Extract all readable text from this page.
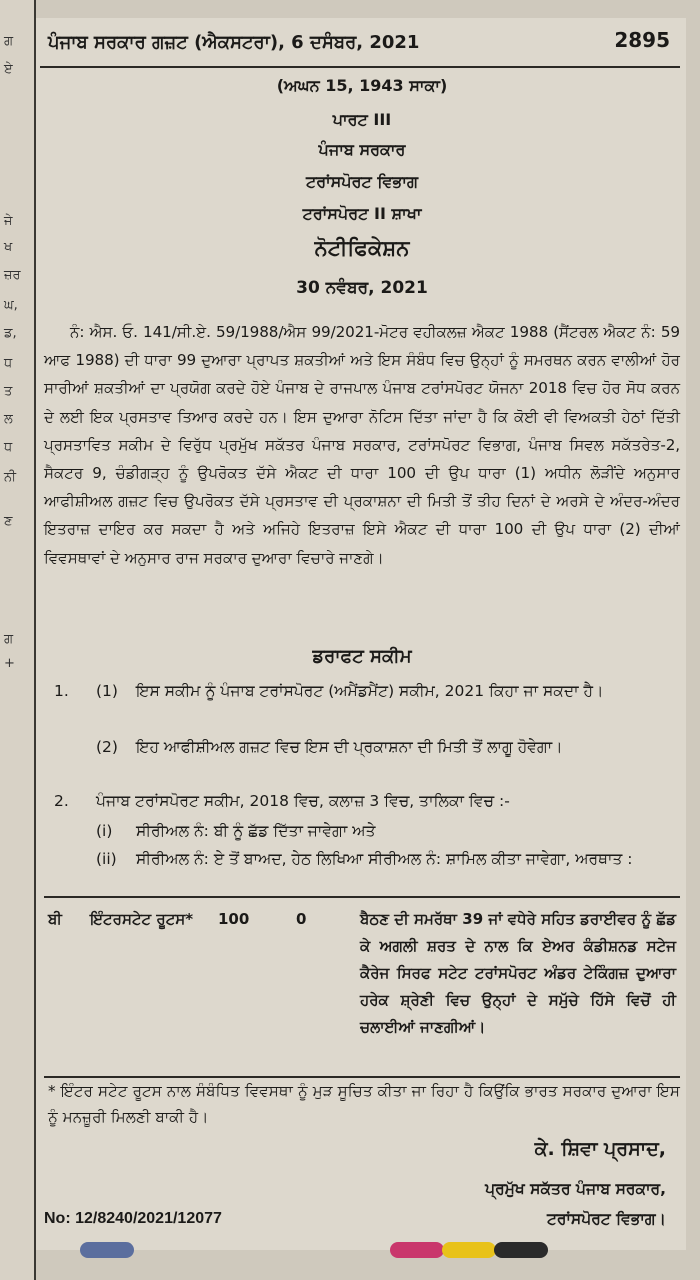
ਗ
ਏ
ਜੇ
ਖ
ਜ਼ਰ
ਘ,
ਡ,
ਧ
ਤ
ਲ
ਧ
ਨੀ
ਣ
ਗ
+
ਪੰਜਾਬ ਸਰਕਾਰ ਗਜ਼ਟ (ਐਕਸਟਰਾ), 6 ਦਸੰਬਰ, 2021	2895
(ਅਘਨ 15, 1943 ਸਾਕਾ)
ਪਾਰਟ III
ਪੰਜਾਬ ਸਰਕਾਰ
ਟਰਾਂਸਪੋਰਟ ਵਿਭਾਗ
ਟਰਾਂਸਪੋਰਟ II ਸ਼ਾਖਾ
ਨੋਟੀਫਿਕੇਸ਼ਨ
30 ਨਵੰਬਰ, 2021
ਨੰ: ਐਸ. ਓ. 141/ਸੀ.ਏ. 59/1988/ਐਸ 99/2021-ਮੋਟਰ ਵਹੀਕਲਜ਼ ਐਕਟ 1988 (ਸੈਂਟਰਲ ਐਕਟ ਨੰ: 59 ਆਫ 1988) ਦੀ ਧਾਰਾ 99 ਦੁਆਰਾ ਪ੍ਰਾਪਤ ਸ਼ਕਤੀਆਂ ਅਤੇ ਇਸ ਸੰਬੰਧ ਵਿਚ ਉਨ੍ਹਾਂ ਨੂੰ ਸਮਰਥਨ ਕਰਨ ਵਾਲੀਆਂ ਹੋਰ ਸਾਰੀਆਂ ਸ਼ਕਤੀਆਂ ਦਾ ਪ੍ਰਯੋਗ ਕਰਦੇ ਹੋਏ ਪੰਜਾਬ ਦੇ ਰਾਜਪਾਲ ਪੰਜਾਬ ਟਰਾਂਸਪੋਰਟ ਯੋਜਨਾ 2018 ਵਿਚ ਹੋਰ ਸੋਧ ਕਰਨ ਦੇ ਲਈ ਇਕ ਪ੍ਰਸਤਾਵ ਤਿਆਰ ਕਰਦੇ ਹਨ। ਇਸ ਦੁਆਰਾ ਨੋਟਿਸ ਦਿੱਤਾ ਜਾਂਦਾ ਹੈ ਕਿ ਕੋਈ ਵੀ ਵਿਅਕਤੀ ਹੇਠਾਂ ਦਿੱਤੀ ਪ੍ਰਸਤਾਵਿਤ ਸਕੀਮ ਦੇ ਵਿਰੁੱਧ ਪ੍ਰਮੁੱਖ ਸਕੱਤਰ ਪੰਜਾਬ ਸਰਕਾਰ, ਟਰਾਂਸਪੋਰਟ ਵਿਭਾਗ, ਪੰਜਾਬ ਸਿਵਲ ਸਕੱਤਰੇਤ-2, ਸੈਕਟਰ 9, ਚੰਡੀਗੜ੍ਹ ਨੂੰ ਉਪਰੋਕਤ ਦੱਸੇ ਐਕਟ ਦੀ ਧਾਰਾ 100 ਦੀ ਉਪ ਧਾਰਾ (1) ਅਧੀਨ ਲੋੜੀਂਦੇ ਅਨੁਸਾਰ ਆਫੀਸ਼ੀਅਲ ਗਜ਼ਟ ਵਿਚ ਉਪਰੋਕਤ ਦੱਸੇ ਪ੍ਰਸਤਾਵ ਦੀ ਪ੍ਰਕਾਸ਼ਨਾ ਦੀ ਮਿਤੀ ਤੋਂ ਤੀਹ ਦਿਨਾਂ ਦੇ ਅਰਸੇ ਦੇ ਅੰਦਰ-ਅੰਦਰ ਇਤਰਾਜ਼ ਦਾਇਰ ਕਰ ਸਕਦਾ ਹੈ ਅਤੇ ਅਜਿਹੇ ਇਤਰਾਜ਼ ਇਸੇ ਐਕਟ ਦੀ ਧਾਰਾ 100 ਦੀ ਉਪ ਧਾਰਾ (2) ਦੀਆਂ ਵਿਵਸਥਾਵਾਂ ਦੇ ਅਨੁਸਾਰ ਰਾਜ ਸਰਕਾਰ ਦੁਆਰਾ ਵਿਚਾਰੇ ਜਾਣਗੇ।
ਡਰਾਫਟ ਸਕੀਮ
1. (1) ਇਸ ਸਕੀਮ ਨੂੰ ਪੰਜਾਬ ਟਰਾਂਸਪੋਰਟ (ਅਮੈਂਡਮੈਂਟ) ਸਕੀਮ, 2021 ਕਿਹਾ ਜਾ ਸਕਦਾ ਹੈ।
(2) ਇਹ ਆਫੀਸ਼ੀਅਲ ਗਜ਼ਟ ਵਿਚ ਇਸ ਦੀ ਪ੍ਰਕਾਸ਼ਨਾ ਦੀ ਮਿਤੀ ਤੋਂ ਲਾਗੂ ਹੋਵੇਗਾ।
2. ਪੰਜਾਬ ਟਰਾਂਸਪੋਰਟ ਸਕੀਮ, 2018 ਵਿਚ, ਕਲਾਜ਼ 3 ਵਿਚ, ਤਾਲਿਕਾ ਵਿਚ :-
(i) ਸੀਰੀਅਲ ਨੰ: ਬੀ ਨੂੰ ਛੱਡ ਦਿੱਤਾ ਜਾਵੇਗਾ ਅਤੇ
(ii) ਸੀਰੀਅਲ ਨੰ: ਏ ਤੋਂ ਬਾਅਦ, ਹੇਠ ਲਿਖਿਆ ਸੀਰੀਅਲ ਨੰ: ਸ਼ਾਮਿਲ ਕੀਤਾ ਜਾਵੇਗਾ, ਅਰਥਾਤ :
ਬੀ ਇੰਟਰਸਟੇਟ ਰੂਟਸ*	100	0	ਬੈਠਣ ਦੀ ਸਮਰੱਥਾ 39 ਜਾਂ ਵਧੇਰੇ ਸਹਿਤ ਡਰਾਈਵਰ ਨੂੰ ਛੱਡ ਕੇ ਅਗਲੀ ਸ਼ਰਤ ਦੇ ਨਾਲ ਕਿ ਏਅਰ ਕੰਡੀਸ਼ਨਡ ਸਟੇਜ ਕੈਰੇਜ ਸਿਰਫ ਸਟੇਟ ਟਰਾਂਸਪੋਰਟ ਅੰਡਰ ਟੇਕਿੰਗਜ਼ ਦੁਆਰਾ ਹਰੇਕ ਸ਼੍ਰੇਣੀ ਵਿਚ ਉਨ੍ਹਾਂ ਦੇ ਸਮੁੱਚੇ ਹਿੱਸੇ ਵਿਚੋਂ ਹੀ ਚਲਾਈਆਂ ਜਾਣਗੀਆਂ।
* ਇੰਟਰ ਸਟੇਟ ਰੂਟਸ ਨਾਲ ਸੰਬੰਧਿਤ ਵਿਵਸਥਾ ਨੂੰ ਮੁੜ ਸੂਚਿਤ ਕੀਤਾ ਜਾ ਰਿਹਾ ਹੈ ਕਿਉਂਕਿ ਭਾਰਤ ਸਰਕਾਰ ਦੁਆਰਾ ਇਸ ਨੂੰ ਮਨਜ਼ੂਰੀ ਮਿਲਣੀ ਬਾਕੀ ਹੈ।
ਕੇ. ਸ਼ਿਵਾ ਪ੍ਰਸਾਦ,
ਪ੍ਰਮੁੱਖ ਸਕੱਤਰ ਪੰਜਾਬ ਸਰਕਾਰ,
ਟਰਾਂਸਪੋਰਟ ਵਿਭਾਗ।
No: 12/8240/2021/12077
